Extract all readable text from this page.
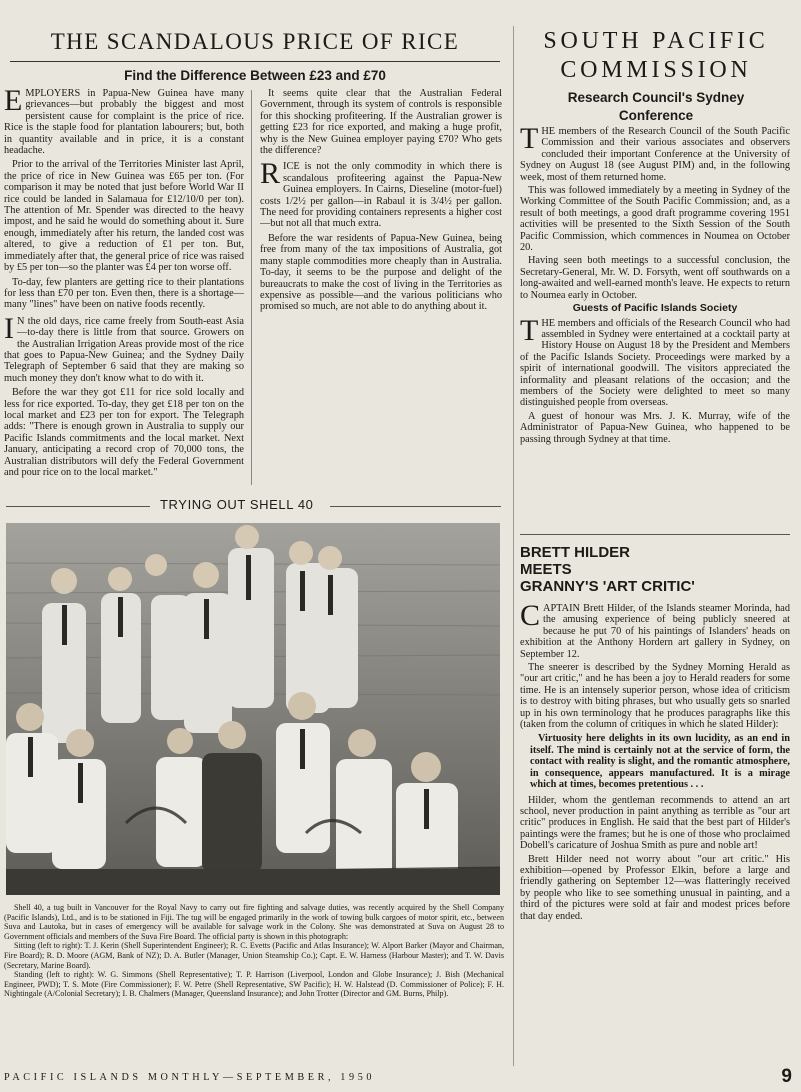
THE SCANDALOUS PRICE OF RICE
Find the Difference Between £23 and £70

EMPLOYERS in Papua-New Guinea have many grievances—but probably the biggest and most persistent cause for complaint is the price of rice. Rice is the staple food for plantation labourers; but, both in quantity available and in price, it is a constant headache.

Prior to the arrival of the Territories Minister last April, the price of rice in New Guinea was £65 per ton. (For comparison it may be noted that just before World War II rice could be landed in Salamaua for £12/10/0 per ton). The attention of Mr. Spender was directed to the heavy impost, and he said he would do something about it. Sure enough, immediately after his return, the landed cost was altered, to give a reduction of £1 per ton. But, immediately after that, the general price of rice was raised by £5 per ton—so the planter was £4 per ton worse off.

To-day, few planters are getting rice to their plantations for less than £70 per ton. Even then, there is a shortage—many "lines" have been on native foods recently.

I N the old days, rice came freely from South-east Asia—to-day there is little from that source. Growers on the Australian Irrigation Areas provide most of the rice that goes to Papua-New Guinea; and the Sydney Daily Telegraph of September 6 said that they are making so much money they don't know what to do with it.

Before the war they got £11 for rice sold locally and less for rice exported. To-day, they get £18 per ton on the local market and £23 per ton for export. The Telegraph adds: "There is enough grown in Australia to supply our Pacific Islands commitments and the local market. Next January, anticipating a record crop of 70,000 tons, the Australian distributors will defy the Federal Government and pour rice on to the local market."

It seems quite clear that the Australian Federal Government, through its system of controls is responsible for this shocking profiteering. If the Australian grower is getting £23 for rice exported, and making a huge profit, why is the New Guinea employer paying £70? Who gets the difference?

RICE is not the only commodity in which there is scandalous profiteering against the Papua-New Guinea employers. In Cairns, Dieseline (motor-fuel) costs 1/2½ per gallon—in Rabaul it is 3/4½ per gallon. The need for providing containers represents a higher cost—but not all that much extra.

Before the war residents of Papua-New Guinea, being free from many of the tax impositions of Australia, got many staple commodities more cheaply than in Australia. To-day, it seems to be the purpose and delight of the bureaucrats to make the cost of living in the Territories as expensive as possible—and the various politicians who promised so much, are not able to do anything about it.

TRYING OUT SHELL 40

Shell 40, a tug built in Vancouver for the Royal Navy to carry out fire fighting and salvage duties, was recently acquired by the Shell Company (Pacific Islands), Ltd., and is to be stationed in Fiji. The tug will be engaged primarily in the work of towing bulk cargoes of motor spirit, etc., between Suva and Lautoka, but in cases of emergency will be available for salvage work in the Colony. She was demonstrated at Suva on August 28 to Government officials and members of the Suva Fire Board. The official party is shown in this photograph:

Sitting (left to right): T. J. Kerin (Shell Superintendent Engineer); R. C. Evetts (Pacific and Atlas Insurance); W. Alport Barker (Mayor and Chairman, Fire Board); R. D. Moore (AGM, Bank of NZ); D. A. Butler (Manager, Union Steamship Co.); Capt. E. W. Harness (Harbour Master); and T. W. Davis (Secretary, Marine Board).

Standing (left to right): W. G. Simmons (Shell Representative); T. P. Harrison (Liverpool, London and Globe Insurance); J. Bish (Mechanical Engineer, PWD); T. S. Mote (Fire Commissioner); F. W. Petre (Shell Representative, SW Pacific); H. W. Halstead (D. Commissioner of Police); F. H. Nightingale (A/Colonial Secretary); I. B. Chalmers (Manager, Queensland Insurance); and John Trotter (Director and GM. Burns, Philp).

SOUTH PACIFIC
COMMISSION
Research Council's Sydney
Conference

THE members of the Research Council of the South Pacific Commission and their various associates and observers concluded their important Conference at the University of Sydney on August 18 (see August PIM) and, in the following week, most of them returned home.

This was followed immediately by a meeting in Sydney of the Working Committee of the South Pacific Commission; and, as a result of both meetings, a good draft programme covering 1951 activities will be presented to the Sixth Session of the South Pacific Commission, which commences in Noumea on October 20.

Having seen both meetings to a successful conclusion, the Secretary-General, Mr. W. D. Forsyth, went off southwards on a long-awaited and well-earned month's leave. He expects to return to Noumea early in October.

Guests of Pacific Islands Society

THE members and officials of the Research Council who had assembled in Sydney were entertained at a cocktail party at History House on August 18 by the President and Members of the Pacific Islands Society. Proceedings were marked by a spirit of international goodwill. The visitors appreciated the informality and pleasant relations of the occasion; and the members of the Society were delighted to meet so many distinguished people from overseas.

A guest of honour was Mrs. J. K. Murray, wife of the Administrator of Papua-New Guinea, who happened to be passing through Sydney at that time.

BRETT HILDER
MEETS
GRANNY'S 'ART CRITIC'

CAPTAIN Brett Hilder, of the Islands steamer Morinda, had the amusing experience of being publicly sneered at because he put 70 of his paintings of Islanders' heads on exhibition at the Anthony Hordern art gallery in Sydney, on September 12.

The sneerer is described by the Sydney Morning Herald as "our art critic," and he has been a joy to Herald readers for some time. He is an intensely superior person, whose idea of criticism is to destroy with biting phrases, but who usually gets so snarled up in his own terminology that he produces paragraphs like this (taken from the column of critiques in which he slated Hilder):

Virtuosity here delights in its own lucidity, as an end in itself. The mind is certainly not at the service of form, the contact with reality is slight, and the romantic atmosphere, in consequence, appears manufactured. It is a mirage which at times, becomes pretentious . . .

Hilder, whom the gentleman recommends to attend an art school, never production in paint anything as terrible as "our art critic" produces in English. He said that the best part of Hilder's paintings were the frames; but he is one of those who proclaimed Dobell's caricature of Joshua Smith as pure and noble art!

Brett Hilder need not worry about "our art critic." His exhibition—opened by Professor Elkin, before a large and friendly gathering on September 12—was flatteringly received by people who like to see something unusual in painting, and a third of the pictures were sold at fair and modest prices before that day ended.

PACIFIC ISLANDS MONTHLY—SEPTEMBER, 1950	9
